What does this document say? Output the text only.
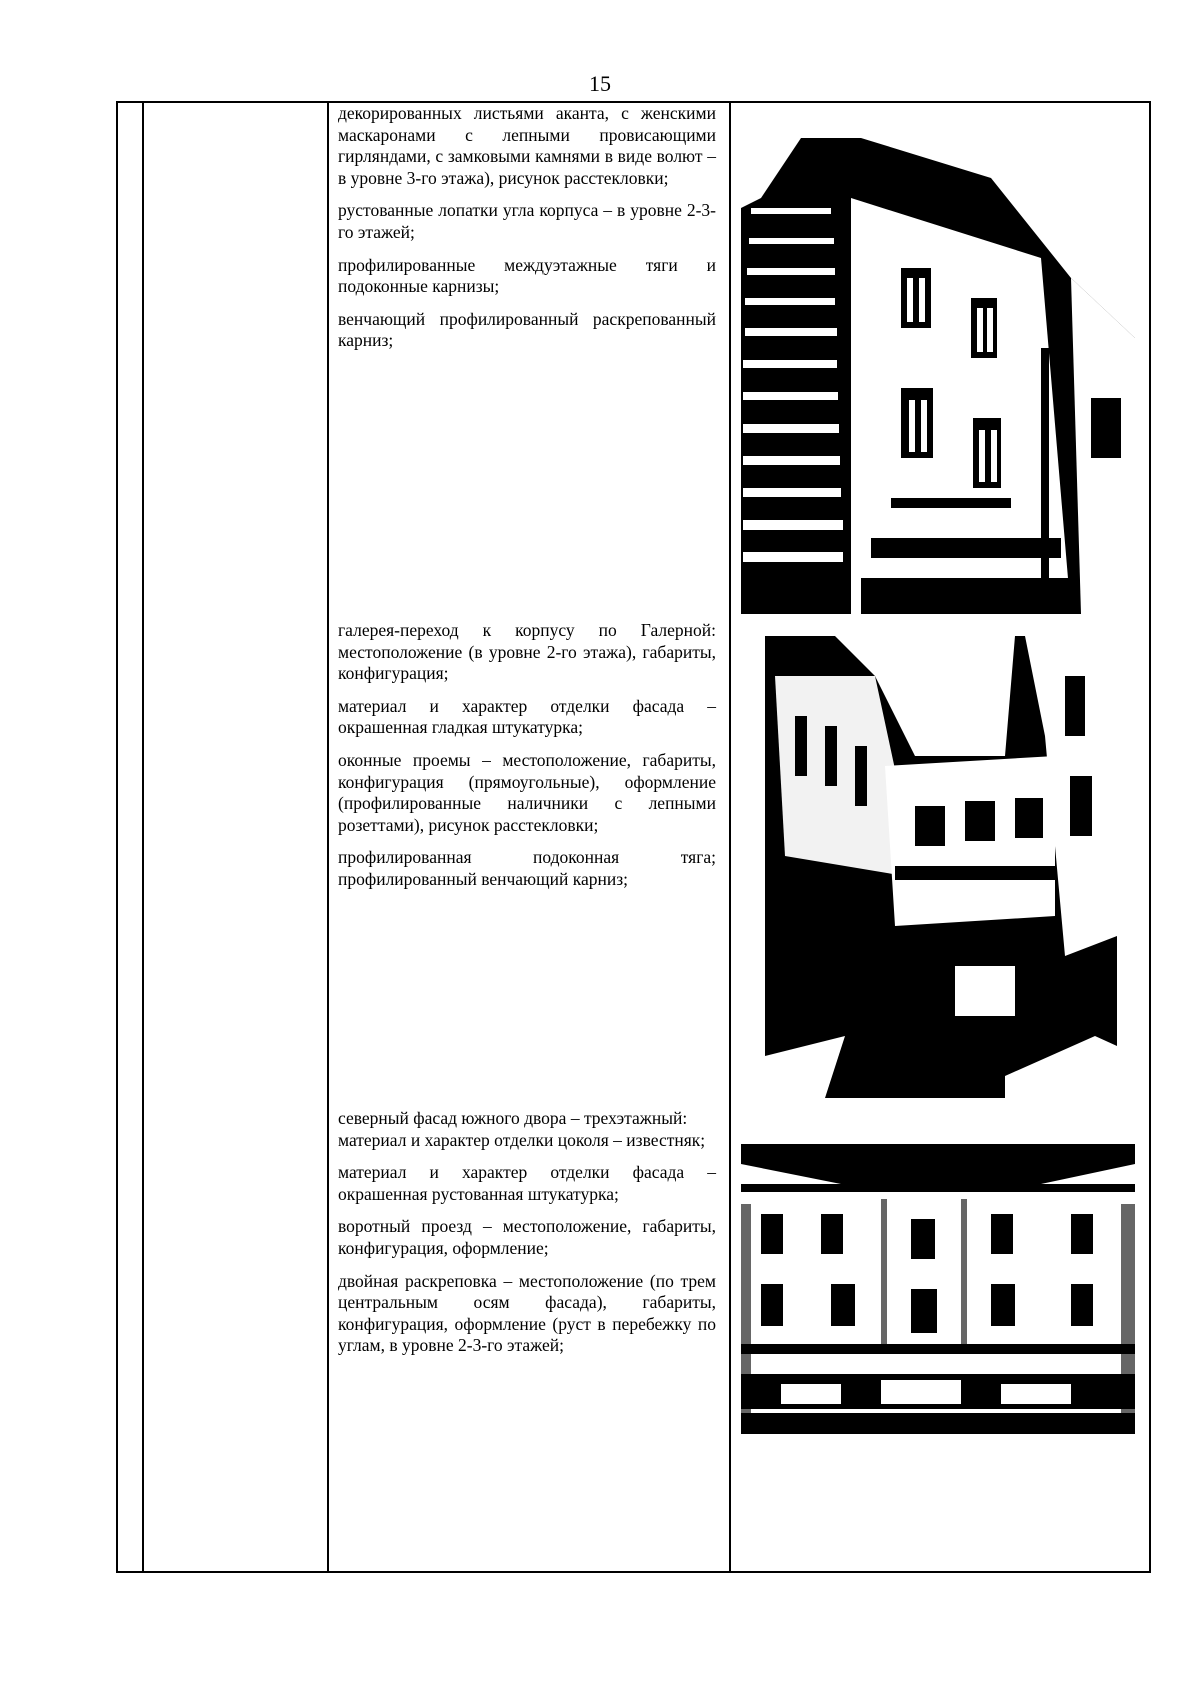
15

декорированных листьями аканта, с женскими маскаронами с лепными провисающими гирляндами, с замковыми камнями в виде волют – в уровне 3-го этажа), рисунок расстекловки;

рустованные лопатки угла корпуса – в уровне 2-3-го этажей;

профилированные междуэтажные тяги и подоконные карнизы;

венчающий профилированный раскрепованный карниз;

галерея-переход к корпусу по Галерной: местоположение (в уровне 2-го этажа), габариты, конфигурация;

материал и характер отделки фасада – окрашенная гладкая штукатурка;

оконные проемы – местоположение, габариты, конфигурация (прямоугольные), оформление (профилированные наличники с лепными розеттами), рисунок расстекловки;

профилированная подоконная тяга; профилированный венчающий карниз;

северный фасад южного двора – трехэтажный:

материал и характер отделки цоколя – известняк;

материал и характер отделки фасада – окрашенная рустованная штукатурка;

воротный проезд – местоположение, габариты, конфигурация, оформление;

двойная раскреповка – местоположение (по трем центральным осям фасада), габариты, конфигурация, оформление (руст в перебежку по углам, в уровне 2-3-го этажей;
